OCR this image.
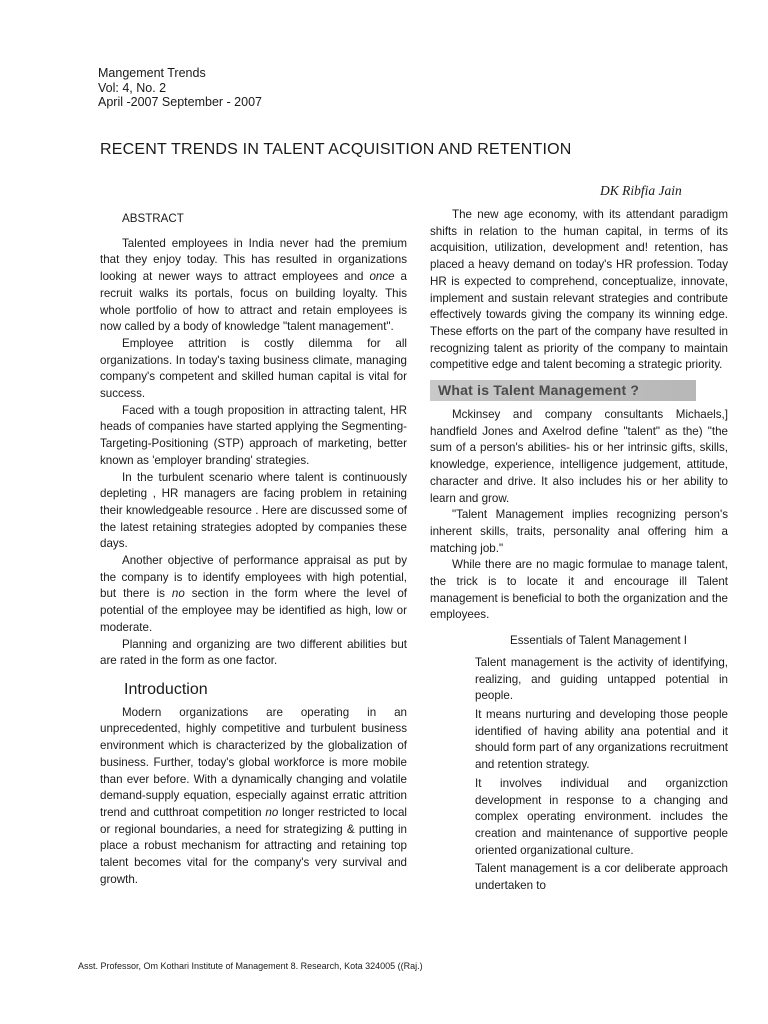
Mangement Trends
Vol: 4, No. 2
April -2007 September - 2007
RECENT TRENDS IN TALENT ACQUISITION AND RETENTION
DK Ribfia Jain
ABSTRACT

Talented employees in India never had the premium that they enjoy today. This has resulted in organizations looking at newer ways to attract employees and once a recruit walks its portals, focus on building loyalty. This whole portfolio of how to attract and retain employees is now called by a body of knowledge "talent management".

Employee attrition is costly dilemma for all organizations. In today's taxing business climate, managing company's competent and skilled human capital is vital for success.

Faced with a tough proposition in attracting talent, HR heads of companies have started applying the Segmenting- Targeting-Positioning (STP) approach of marketing, better known as 'employer branding' strategies.

In the turbulent scenario where talent is continuously depleting , HR managers are facing problem in retaining their knowledgeable resource . Here are discussed some of the latest retaining strategies adopted by companies these days.

Another objective of performance appraisal as put by the company is to identify employees with high potential, but there is no section in the form where the level of potential of the employee may be identified as high, low or moderate.

Planning and organizing are two different abilities but are rated in the form as one factor.

Introduction

Modern organizations are operating in an unprecedented, highly competitive and turbulent business environment which is characterized by the globalization of business. Further, today's global workforce is more mobile than ever before. With a dynamically changing and volatile demand-supply equation, especially against erratic attrition trend and cutthroat competition no longer restricted to local or regional boundaries, a need for strategizing & putting in place a robust mechanism for attracting and retaining top talent becomes vital for the company's very survival and growth.

The new age economy, with its attendant paradigm shifts in relation to the human capital, in terms of its acquisition, utilization, development and! retention, has placed a heavy demand on today's HR profession. Today HR is expected to comprehend, conceptualize, innovate, implement and sustain relevant strategies and contribute effectively towards giving the company its winning edge. These efforts on the part of the company have resulted in recognizing talent as priority of the company to maintain competitive edge and talent becoming a strategic priority.

What is Talent Management ?

Mckinsey and company consultants Michaels,] handfield Jones and Axelrod define "talent" as the) "the sum of a person's abilities- his or her intrinsic gifts, skills, knowledge, experience, intelligence judgement, attitude, character and drive. It also includes his or her ability to learn and grow.

"Talent Management implies recognizing person's inherent skills, traits, personality anal offering him a matching job."

While there are no magic formulae to manage talent, the trick is to locate it and encourage ill Talent management is beneficial to both the organization and the employees.

Essentials of Talent Management I

Talent management is the activity of identifying, realizing, and guiding untapped potential in people.

It means nurturing and developing those people identified of having ability ana potential and it should form part of any organizations recruitment and retention strategy.

It involves individual and organizction development in response to a changing and complex operating environment. includes the creation and maintenance of supportive people oriented organizational culture.

Talent management is a cor deliberate approach undertaken to

Asst. Professor, Om Kothari Institute of Management 8. Research, Kota 324005 ((Raj.)
